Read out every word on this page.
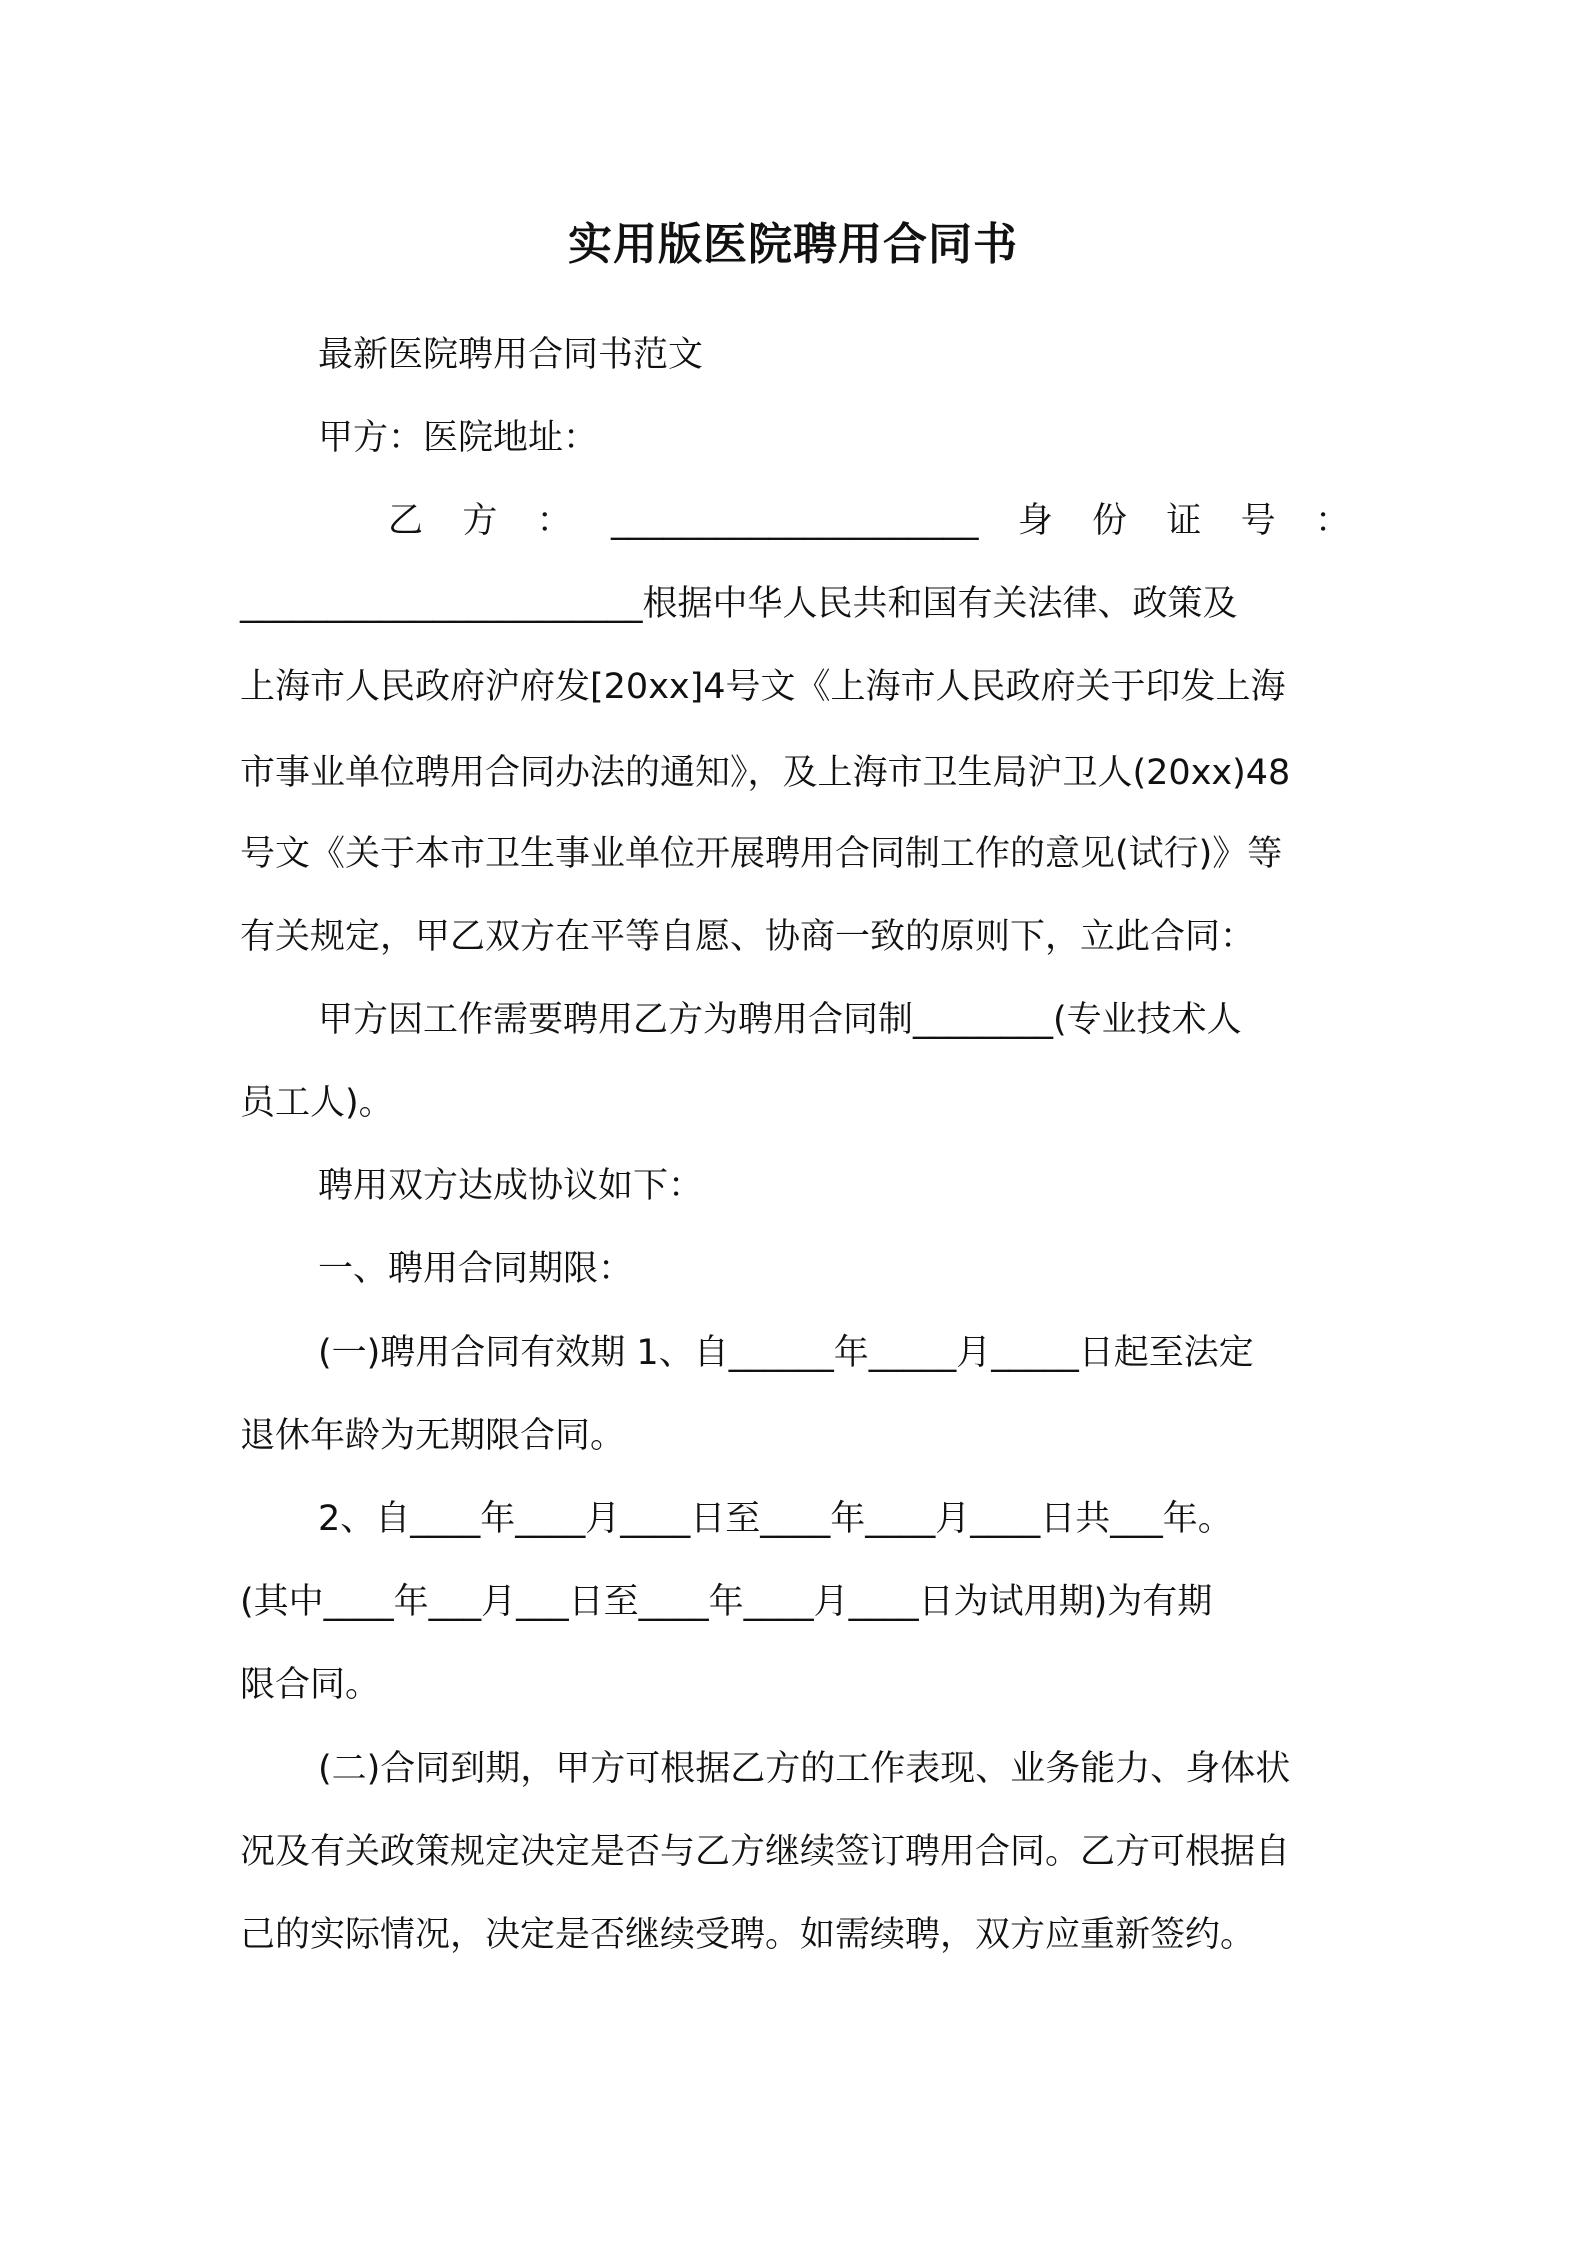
实用版医院聘用合同书
最新医院聘用合同书范文
甲方：医院地址：
乙 方 ： _____________________ 身 份 证 号 ：
_______________________根据中华人民共和国有关法律、政策及
上海市人民政府沪府发[20xx]4号文《上海市人民政府关于印发上海
市事业单位聘用合同办法的通知》，及上海市卫生局沪卫人(20xx)48
号文《关于本市卫生事业单位开展聘用合同制工作的意见(试行)》等
有关规定，甲乙双方在平等自愿、协商一致的原则下，立此合同：
甲方因工作需要聘用乙方为聘用合同制________(专业技术人
员工人)。
聘用双方达成协议如下：
一、聘用合同期限：
(一)聘用合同有效期 1、自______年_____月_____日起至法定
退休年龄为无期限合同。
2、自____年____月____日至____年____月____日共___年。
(其中____年___月___日至____年____月____日为试用期)为有期
限合同。
(二)合同到期，甲方可根据乙方的工作表现、业务能力、身体状
况及有关政策规定决定是否与乙方继续签订聘用合同。乙方可根据自
己的实际情况，决定是否继续受聘。如需续聘，双方应重新签约。
